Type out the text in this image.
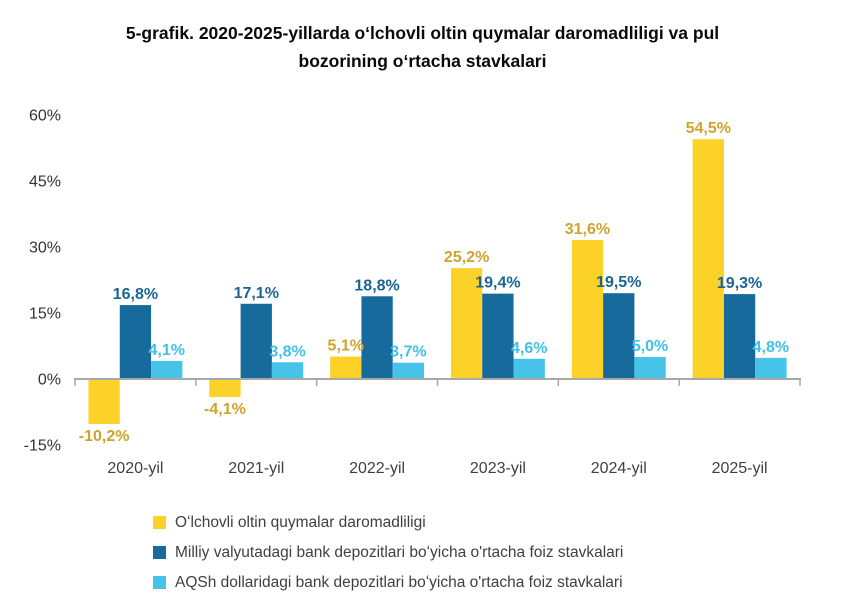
5-grafik. 2020-2025-yillarda oʻlchovli oltin quymalar daromadliligi va pul
bozorining oʻrtacha stavkalari
60%
45%
30%
15%
0%
-15%
-10,2%
-4,1%
5,1%
25,2%
31,6%
54,5%
16,8%	17,1%	18,8%	19,4%	19,5%	19,3%
4,1%	3,8%	3,7%	4,6%	5,0%	4,8%
2020-yil	2021-yil	2022-yil	2023-yil	2024-yil	2025-yil
Oʻlchovli oltin quymalar daromadliligi
Milliy valyutadagi bank depozitlari boʻyicha o'rtacha foiz stavkalari
AQSh dollaridagi bank depozitlari boʻyicha o'rtacha foiz stavkalari
